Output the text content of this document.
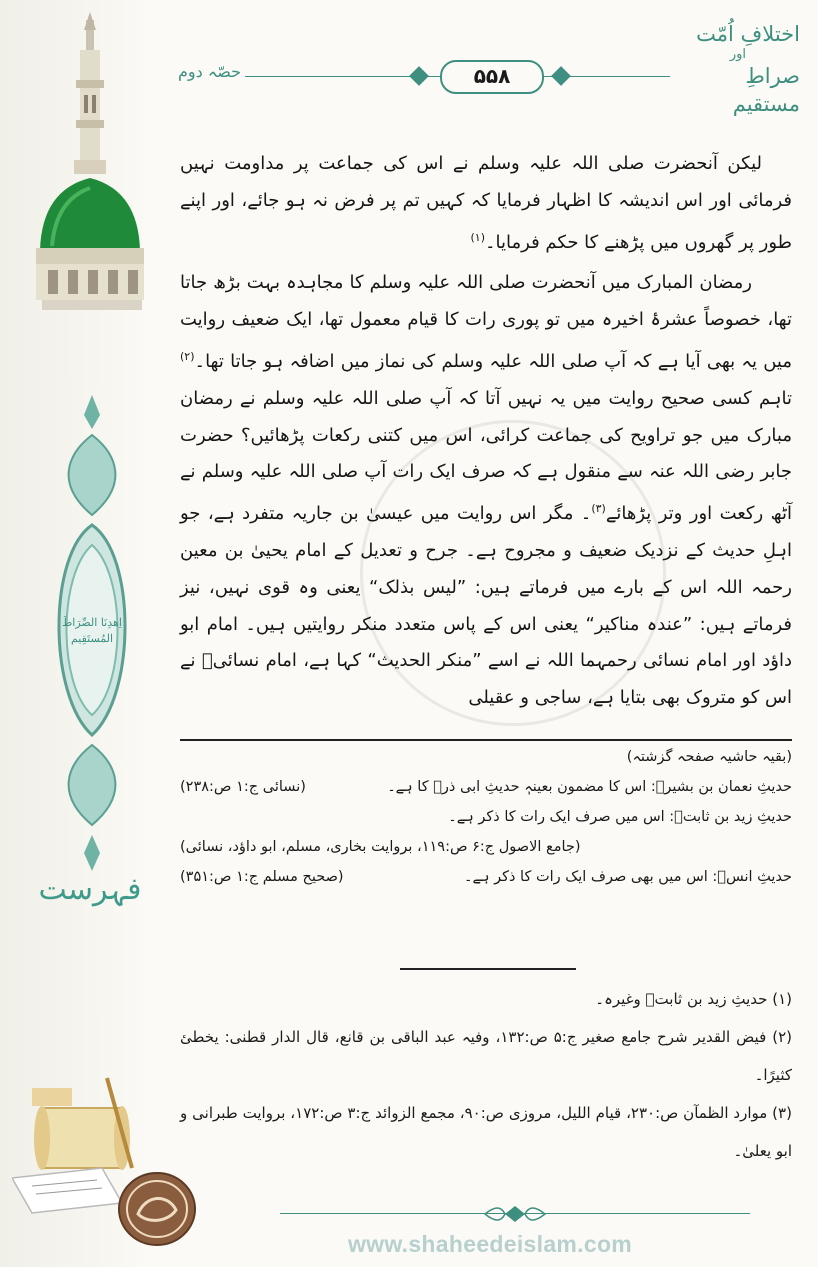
اِهدِنَا الصِّرَاطَ المُستَقِيم
فہرست
اختلافِ اُمّت
اور
صراطِ مستقیم
۵۵۸
حصّہ دوم

لیکن آنحضرت صلی اللہ علیہ وسلم نے اس کی جماعت پر مداومت نہیں فرمائی اور اس اندیشہ کا اظہار فرمایا کہ کہیں تم پر فرض نہ ہو جائے، اور اپنے طور پر گھروں میں پڑھنے کا حکم فرمایا۔$^{(۱)}$

رمضان المبارک میں آنحضرت صلی اللہ علیہ وسلم کا مجاہدہ بہت بڑھ جاتا تھا، خصوصاً عشرۂ اخیرہ میں تو پوری رات کا قیام معمول تھا، ایک ضعیف روایت میں یہ بھی آیا ہے کہ آپ صلی اللہ علیہ وسلم کی نماز میں اضافہ ہو جاتا تھا۔$^{(۲)}$ تاہم کسی صحیح روایت میں یہ نہیں آتا کہ آپ صلی اللہ علیہ وسلم نے رمضان مبارک میں جو تراویح کی جماعت کرائی، اس میں کتنی رکعات پڑھائیں؟ حضرت جابر رضی اللہ عنہ سے منقول ہے کہ صرف ایک رات آپ صلی اللہ علیہ وسلم نے آٹھ رکعت اور وتر پڑھائے$^{(۳)}$۔ مگر اس روایت میں عیسیٰ بن جاریہ متفرد ہے، جو اہلِ حدیث کے نزدیک ضعیف و مجروح ہے۔ جرح و تعدیل کے امام یحییٰ بن معین رحمہ اللہ اس کے بارے میں فرماتے ہیں: ”لیس بذلک“ یعنی وہ قوی نہیں، نیز فرماتے ہیں: ”عندہ مناکیر“ یعنی اس کے پاس متعدد منکر روایتیں ہیں۔ امام ابو داؤد اور امام نسائی رحمہما اللہ نے اسے ”منکر الحدیث“ کہا ہے، امام نسائیؒ نے اس کو متروک بھی بتایا ہے، ساجی و عقیلی

(بقیہ حاشیہ صفحہ گزشتہ)
حدیثِ نعمان بن بشیرؓ: اس کا مضمون بعینہٖ حدیثِ ابی ذرؓ کا ہے۔
(نسائی ج:۱ ص:۲۳۸)
حدیثِ زید بن ثابتؓ: اس میں صرف ایک رات کا ذکر ہے۔
(جامع الاصول ج:۶ ص:۱۱۹، بروایت بخاری، مسلم، ابو داؤد، نسائی)
حدیثِ انسؓ: اس میں بھی صرف ایک رات کا ذکر ہے۔
(صحیح مسلم ج:۱ ص:۳۵۱)
(۱) حدیثِ زید بن ثابتؓ وغیرہ۔
(۲) فیض القدیر شرح جامع صغیر ج:۵ ص:۱۳۲، وفیہ عبد الباقی بن قانع، قال الدار قطنی: یخطئ کثیرًا۔
(۳) موارد الظمآن ص:۲۳۰، قیام اللیل، مروزی ص:۹۰، مجمع الزوائد ج:۳ ص:۱۷۲، بروایت طبرانی و ابو یعلیٰ۔
www.shaheedeislam.com
